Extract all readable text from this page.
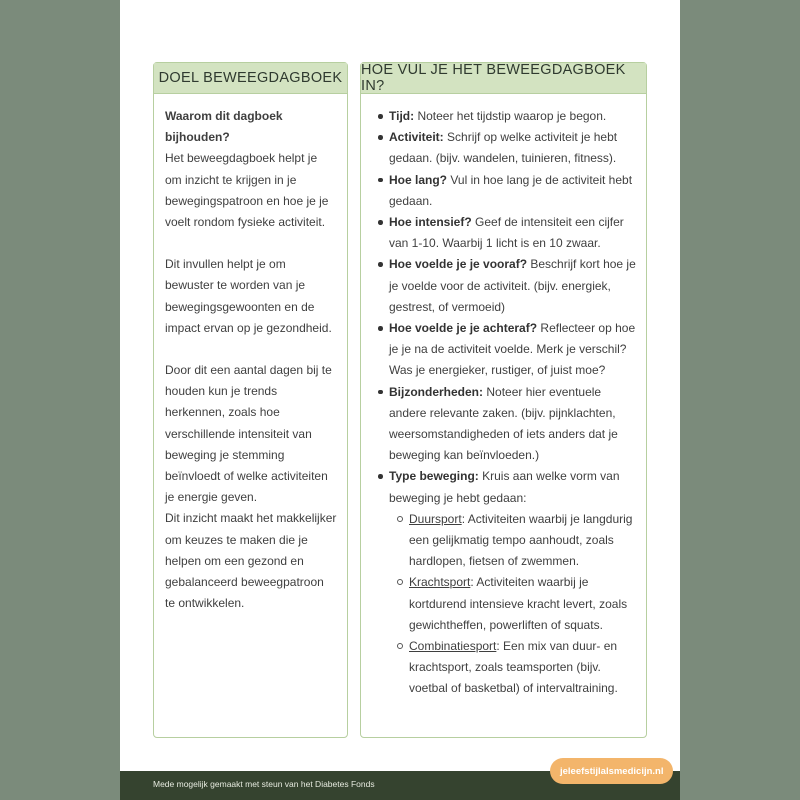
DOEL BEWEEGDAGBOEK
Waarom dit dagboek bijhouden?
Het beweegdagboek helpt je om inzicht te krijgen in je bewegingspatroon en hoe je je voelt rondom fysieke activiteit.
Dit invullen helpt je om bewuster te worden van je bewegingsgewoonten en de impact ervan op je gezondheid.
Door dit een aantal dagen bij te houden kun je trends herkennen, zoals hoe verschillende intensiteit van beweging je stemming beïnvloedt of welke activiteiten je energie geven.
Dit inzicht maakt het makkelijker om keuzes te maken die je helpen om een gezond en gebalanceerd beweegpatroon te ontwikkelen.
HOE VUL JE HET BEWEEGDAGBOEK IN?
Tijd: Noteer het tijdstip waarop je begon.
Activiteit: Schrijf op welke activiteit je hebt gedaan. (bijv. wandelen, tuinieren, fitness).
Hoe lang? Vul in hoe lang je de activiteit hebt gedaan.
Hoe intensief? Geef de intensiteit een cijfer van 1-10. Waarbij 1 licht is en 10 zwaar.
Hoe voelde je je vooraf? Beschrijf kort hoe je je voelde voor de activiteit. (bijv. energiek, gestrest, of vermoeid)
Hoe voelde je je achteraf? Reflecteer op hoe je je na de activiteit voelde. Merk je verschil? Was je energieker, rustiger, of juist moe?
Bijzonderheden: Noteer hier eventuele andere relevante zaken. (bijv. pijnklachten, weersomstandigheden of iets anders dat je beweging kan beïnvloeden.)
Type beweging: Kruis aan welke vorm van beweging je hebt gedaan:
Duursport: Activiteiten waarbij je langdurig een gelijkmatig tempo aanhoudt, zoals hardlopen, fietsen of zwemmen.
Krachtsport: Activiteiten waarbij je kortdurend intensieve kracht levert, zoals gewichtheffen, powerliften of squats.
Combinatiesport: Een mix van duur- en krachtsport, zoals teamsporten (bijv. voetbal of basketbal) of intervaltraining.
Mede mogelijk gemaakt met steun van het Diabetes Fonds
jeleefstijlalsmedicijn.nl
